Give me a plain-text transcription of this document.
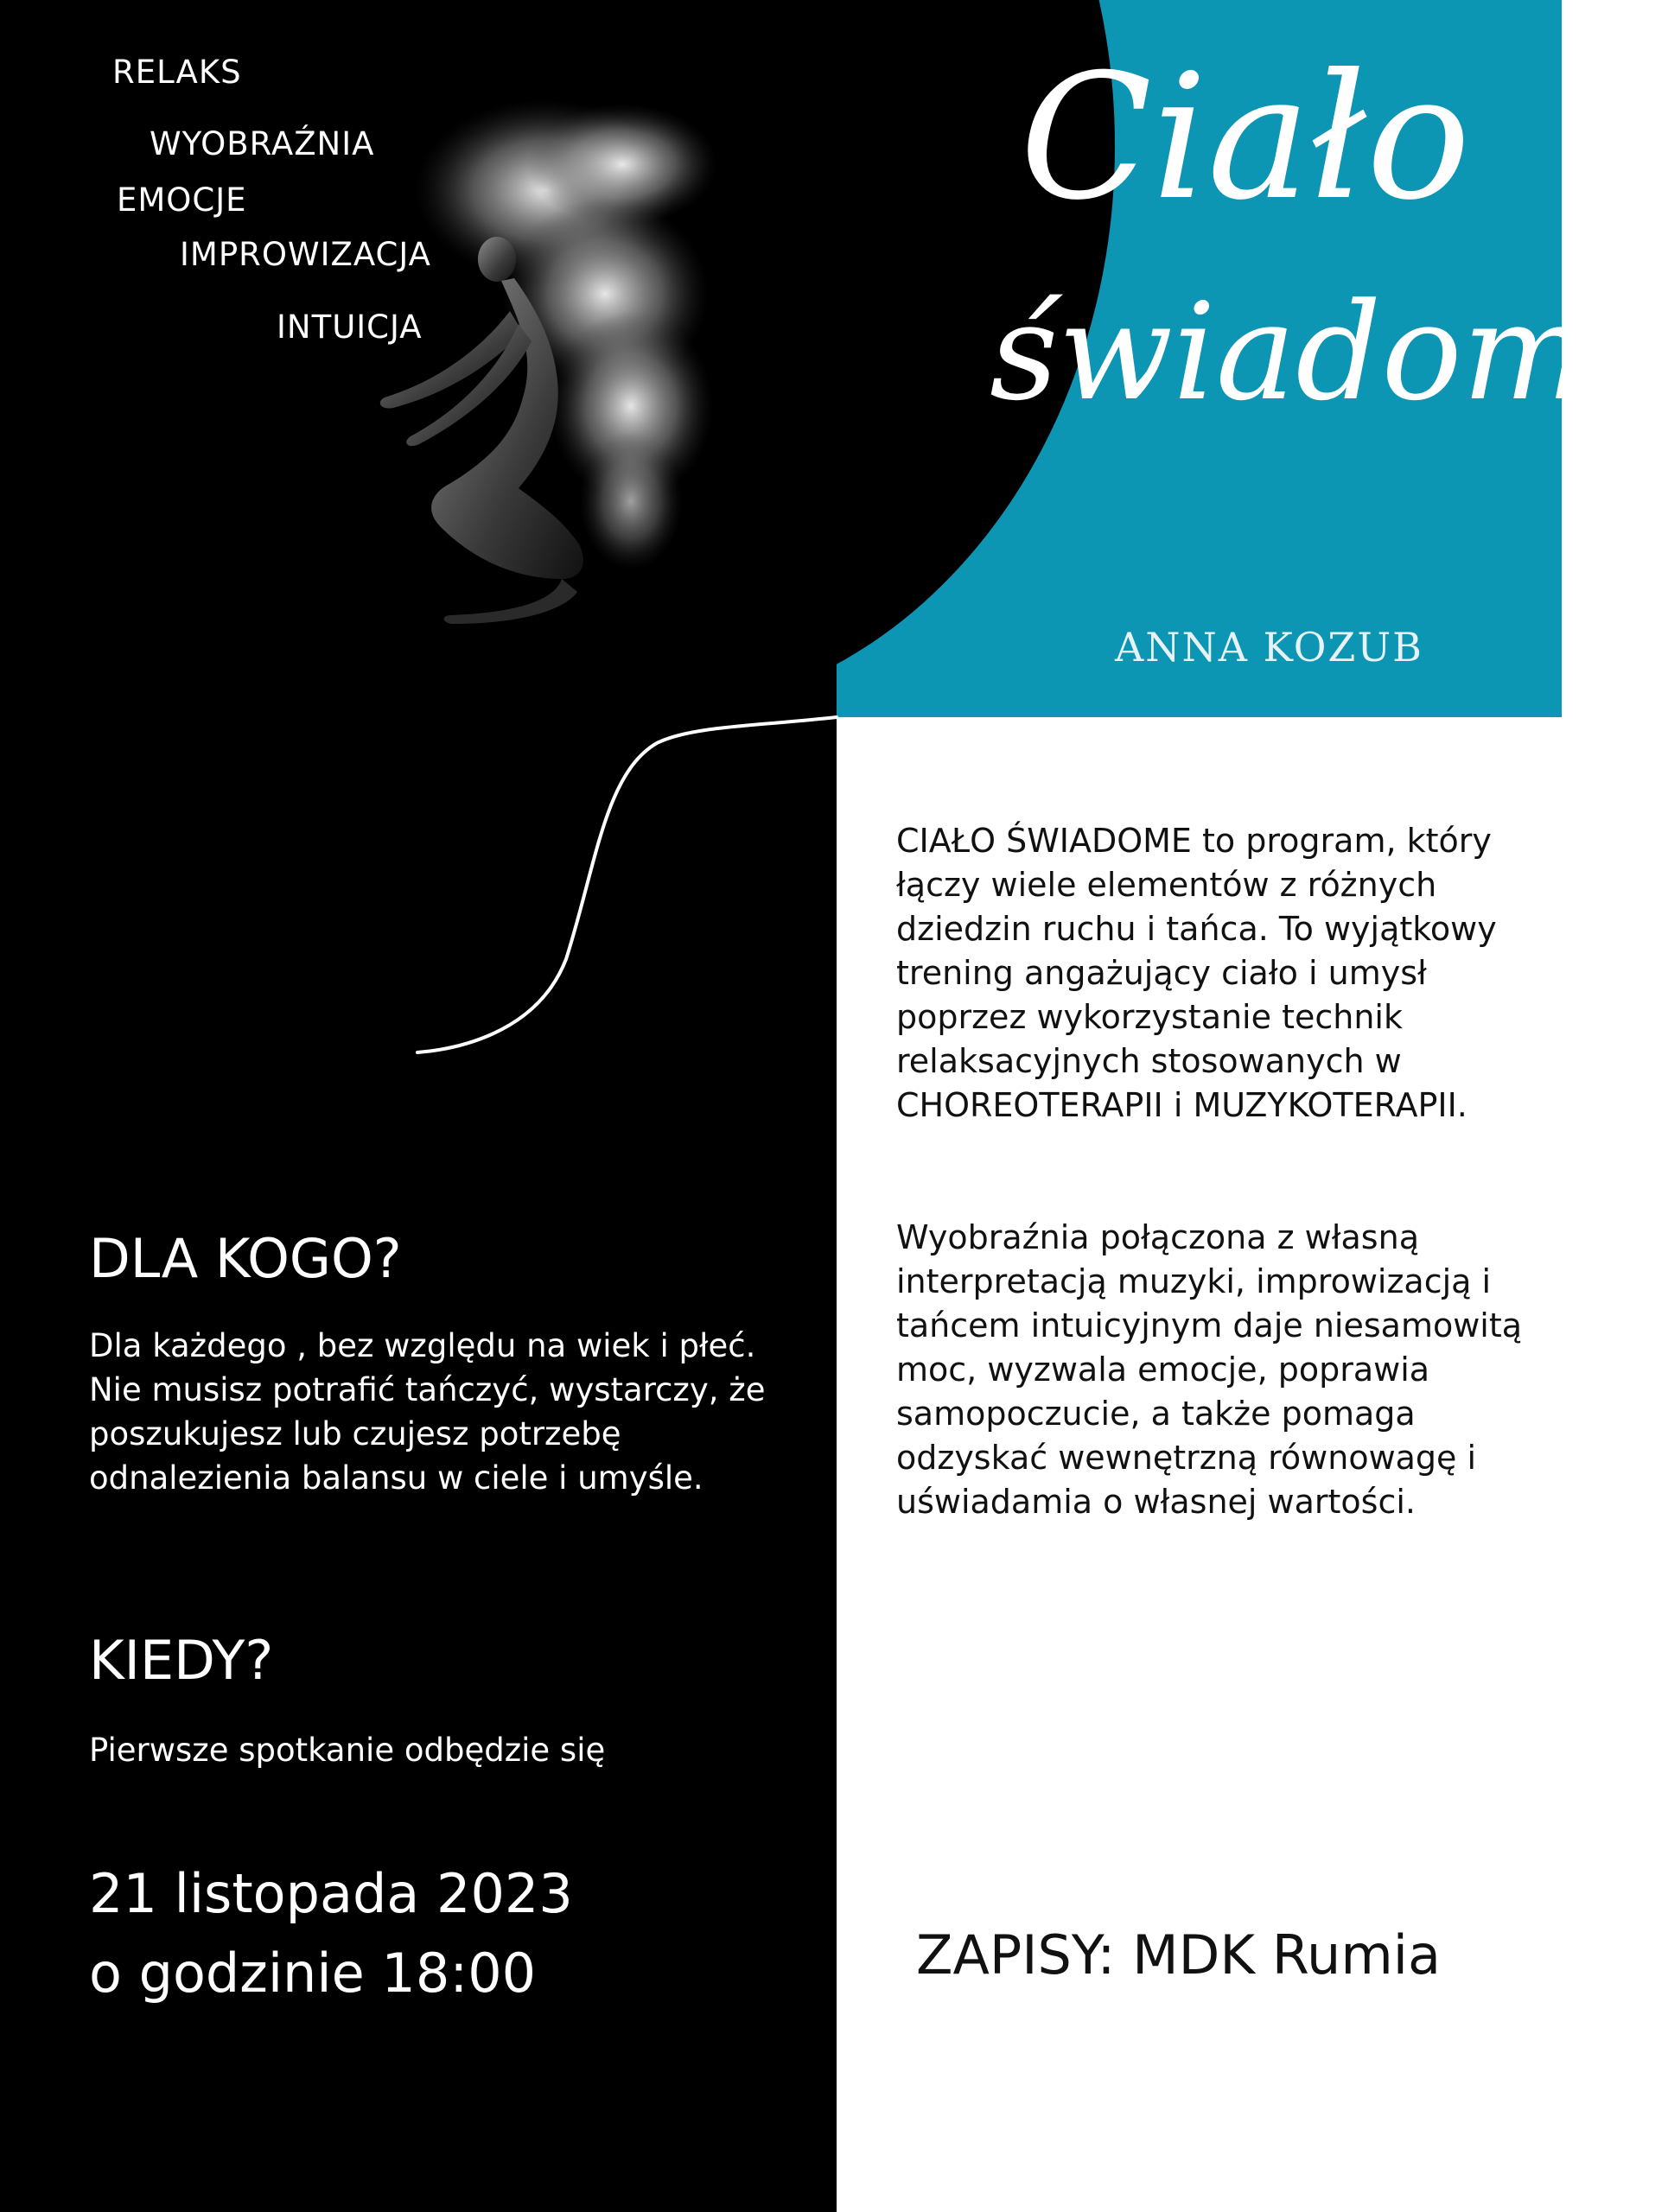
RELAKS
WYOBRAŹNIA
EMOCJE
IMPROWIZACJA
INTUICJA
Ciało
świadome
ANNA KOZUB
CIAŁO ŚWIADOME to program, który łączy wiele elementów z różnych dziedzin ruchu i tańca. To wyjątkowy trening angażujący ciało i umysł poprzez wykorzystanie technik relaksacyjnych stosowanych w CHOREOTERAPII i MUZYKOTERAPII.
Wyobraźnia połączona z własną interpretacją muzyki, improwizacją i tańcem intuicyjnym daje niesamowitą moc, wyzwala emocje, poprawia samopoczucie, a także pomaga odzyskać wewnętrzną równowagę i uświadamia o własnej wartości.
DLA KOGO?
Dla każdego , bez względu na wiek i płeć. Nie musisz potrafić tańczyć, wystarczy, że poszukujesz lub czujesz potrzebę odnalezienia balansu w ciele i umyśle.
KIEDY?
Pierwsze spotkanie odbędzie się
21 listopada 2023
o godzinie 18:00	ZAPISY: MDK Rumia
